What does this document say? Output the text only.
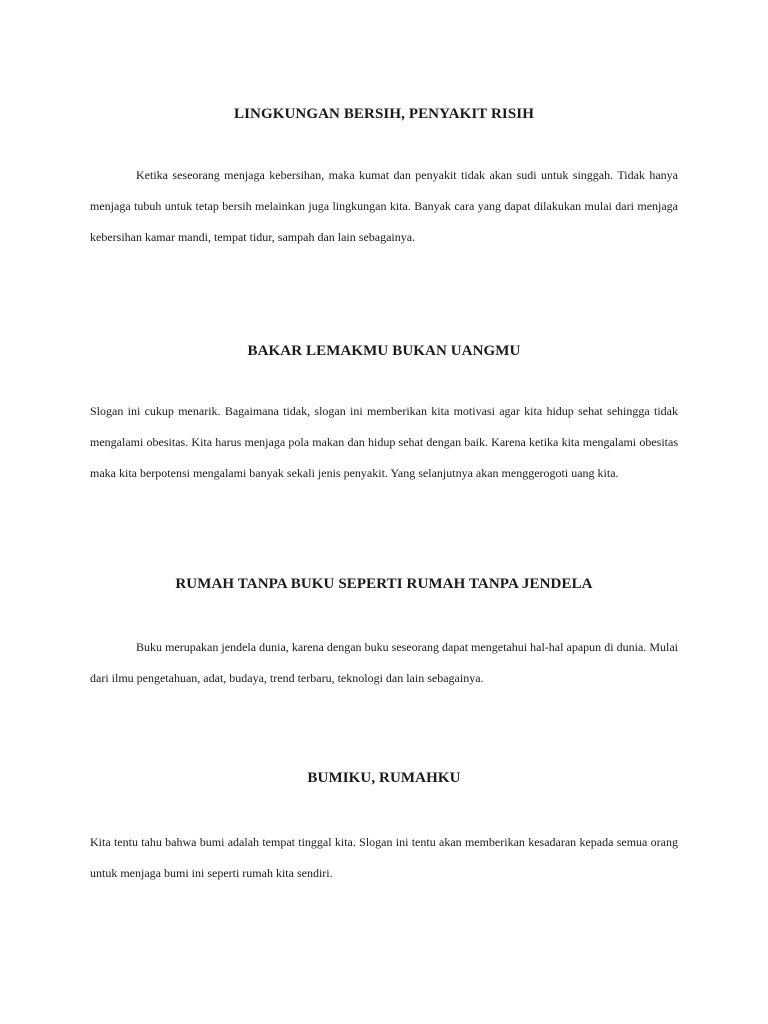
LINGKUNGAN BERSIH, PENYAKIT RISIH

Ketika seseorang menjaga kebersihan, maka kumat dan penyakit tidak akan sudi untuk singgah. Tidak hanya menjaga tubuh untuk tetap bersih melainkan juga lingkungan kita. Banyak cara yang dapat dilakukan mulai dari menjaga kebersihan kamar mandi, tempat tidur, sampah dan lain sebagainya.

BAKAR LEMAKMU BUKAN UANGMU

Slogan ini cukup menarik. Bagaimana tidak, slogan ini memberikan kita motivasi agar kita hidup sehat sehingga tidak mengalami obesitas. Kita harus menjaga pola makan dan hidup sehat dengan baik. Karena ketika kita mengalami obesitas maka kita berpotensi mengalami banyak sekali jenis penyakit. Yang selanjutnya akan menggerogoti uang kita.

RUMAH TANPA BUKU SEPERTI RUMAH TANPA JENDELA

Buku merupakan jendela dunia, karena dengan buku seseorang dapat mengetahui hal-hal apapun di dunia. Mulai dari ilmu pengetahuan, adat, budaya, trend terbaru, teknologi dan lain sebagainya.

BUMIKU, RUMAHKU

Kita tentu tahu bahwa bumi adalah tempat tinggal kita. Slogan ini tentu akan memberikan kesadaran kepada semua orang untuk menjaga bumi ini seperti rumah kita sendiri.
